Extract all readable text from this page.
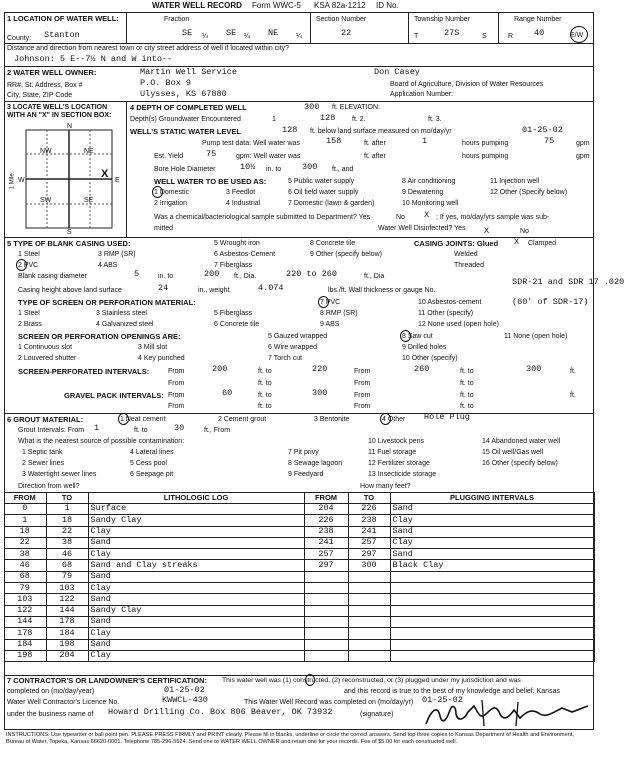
WATER WELL RECORD Form WWC-5 KSA 82a-1212 ID No.
1 LOCATION OF WATER WELL:
County: Stanton
Fraction
SE ¼ SE ¼ NE	¼
Section Number
22
Township Number
T	27S	S
Range Number
R 40	E/W
Distance and direction from nearest town or city street address of well if located within city?
Johnson: 5 E--7½ N and W into--
2 WATER WELL OWNER:	Martin Well Service	Don Casey
RR#, St. Address, Box #	P.O. Box 9	Board of Agriculture, Division of Water Resources
City, State, ZIP Code	Ulysses, KS 67880	Application Number:
3 LOCATE WELL'S LOCATION WITH AN "X" IN SECTION BOX:
N
S
W	E
NW	NE
SW	SE
1 Mile	X
4 DEPTH OF COMPLETED WELL	300 ft. ELEVATION:
Depth(s) Groundwater Encountered	1	128 ft. 2.	ft. 3.
WELL'S STATIC WATER LEVEL	128 ft. below land surface measured on mo/day/yr	01-25-02
Pump test data: Well water was	158	ft. after	1	hours pumping	75	gpm
Est. Yield	75	gpm: Well water was	ft. after	hours pumping	gpm
Bore Hole Diameter	10½ in. to 300 ft., and
WELL WATER TO BE USED AS:
1 Domestic
2 Irrigation
3 Feedlot
4 Industrial
5 Public water supply
6 Oil field water supply
7 Domestic (lawn & garden)
8 Air conditioning
9 Dewatering
10 Monitoring well
11 Injection well
12 Other (Specify below)
Was a chemical/bacteriological sample submitted to Department? Yes	No X ; If yes, mo/day/yrs sample was sub-
mitted	Water Well Disinfected? Yes X	No
5 TYPE OF BLANK CASING USED:
1 Steel
2 PVC
3 RMP (SR)
4 ABS
5 Wrought iron
6 Asbestos-Cement
7 Fiberglass
8 Concrete tile
9 Other (specify below)
CASING JOINTS: Glued X Clamped
Welded
Threaded
Blank casing diameter	5	in. to	200 ft., Dia.	220 to 260	ft., Dia
SDR-21 and SDR 17 .020
Casing height above land surface	24	in., weight	4.074	lbs./ft. Wall thickness or gauge No.
TYPE OF SCREEN OR PERFORATION MATERIAL:
1 Steel
2 Brass
3 Stainless steel
4 Galvanized steel
5 Fiberglass
6 Concrete tile
7 PVC
8 RMP (SR)
9 ABS
10 Asbestos-cement
11 Other (specify)
12 None used (open hole)
(60' of SDR-17)
SCREEN OR PERFORATION OPENINGS ARE:
1 Continuous slot
2 Louvered shutter
3 Mill slot
4 Key punched
5 Gauzed wrapped
6 Wire wrapped
7 Torch cut
8 Saw cut
9 Drilled holes
10 Other (specify)
11 None (open hole)
SCREEN-PERFORATED INTERVALS:	From	200	ft. to	220	From	260	ft. to	300	ft.
From	ft. to	From	ft. to
GRAVEL PACK INTERVALS: From	60	ft. to	300	From	ft. to	ft.
From	ft. to	From	ft. to
6 GROUT MATERIAL:	1 Neat cement	2 Cement grout	3 Bentonite	4 Other Hole Plug
Grout Intervals: From 1	ft. to	30	ft., From
What is the nearest source of possible contamination:
1 Septic tank
2 Sewer lines
3 Watertight sewer lines
4 Lateral lines
5 Cess pool
6 Seepage pit
7 Pit privy
8 Sewage lagoon
9 Feedyard
10 Livestock pens
11 Fuel storage
12 Fertilizer storage
13 Insecticide storage
14 Abandoned water well
15 Oil well/Gas well
16 Other (specify below)
Direction from well?	How many feet?
FROM	TO	LITHOLOGIC LOG	FROM	TO	PLUGGING INTERVALS
0	1	Surface	204	226	Sand
1	18	Sandy Clay	226	238	Clay
18	22	Clay	238	241	Sand
22	38	Sand	241	257	Clay
38	46	Clay	257	297	Sand
46	68	Sand and Clay streaks	297	300	Black Clay
68	79	Sand			
79	103	Clay			
103	122	Sand			
122	144	Sandy Clay			
144	178	Sand			
178	184	Clay			
184	198	Sand			
198	204	Clay			
7 CONTRACTOR'S OR LANDOWNER'S CERTIFICATION: This water well was (1) constructed, (2) reconstructed, or (3) plugged under my jurisdiction and was
completed on (mo/day/year)	01-25-02	and this record is true to the best of my knowledge and belief. Kansas
Water Well Contractor's Licence No.	KWWCL-430	This Water Well Record was completed on (mo/day/yr) 01-25-02
under the business name of Howard Drilling Co. Box 806 Beaver, OK 73932	(signature)
INSTRUCTIONS: Use typewriter or ball point pen. PLEASE PRESS FIRMLY and PRINT clearly. Please fill in blanks, underline or circle the correct answers. Send top three copies to Kansas Department of Health and Environment, Bureau of Water, Topeka, Kansas 66620-0001. Telephone 785-296-5524. Send one to WATER WELL OWNER and retain one for your records. Fee of $5.00 for each constructed well.
